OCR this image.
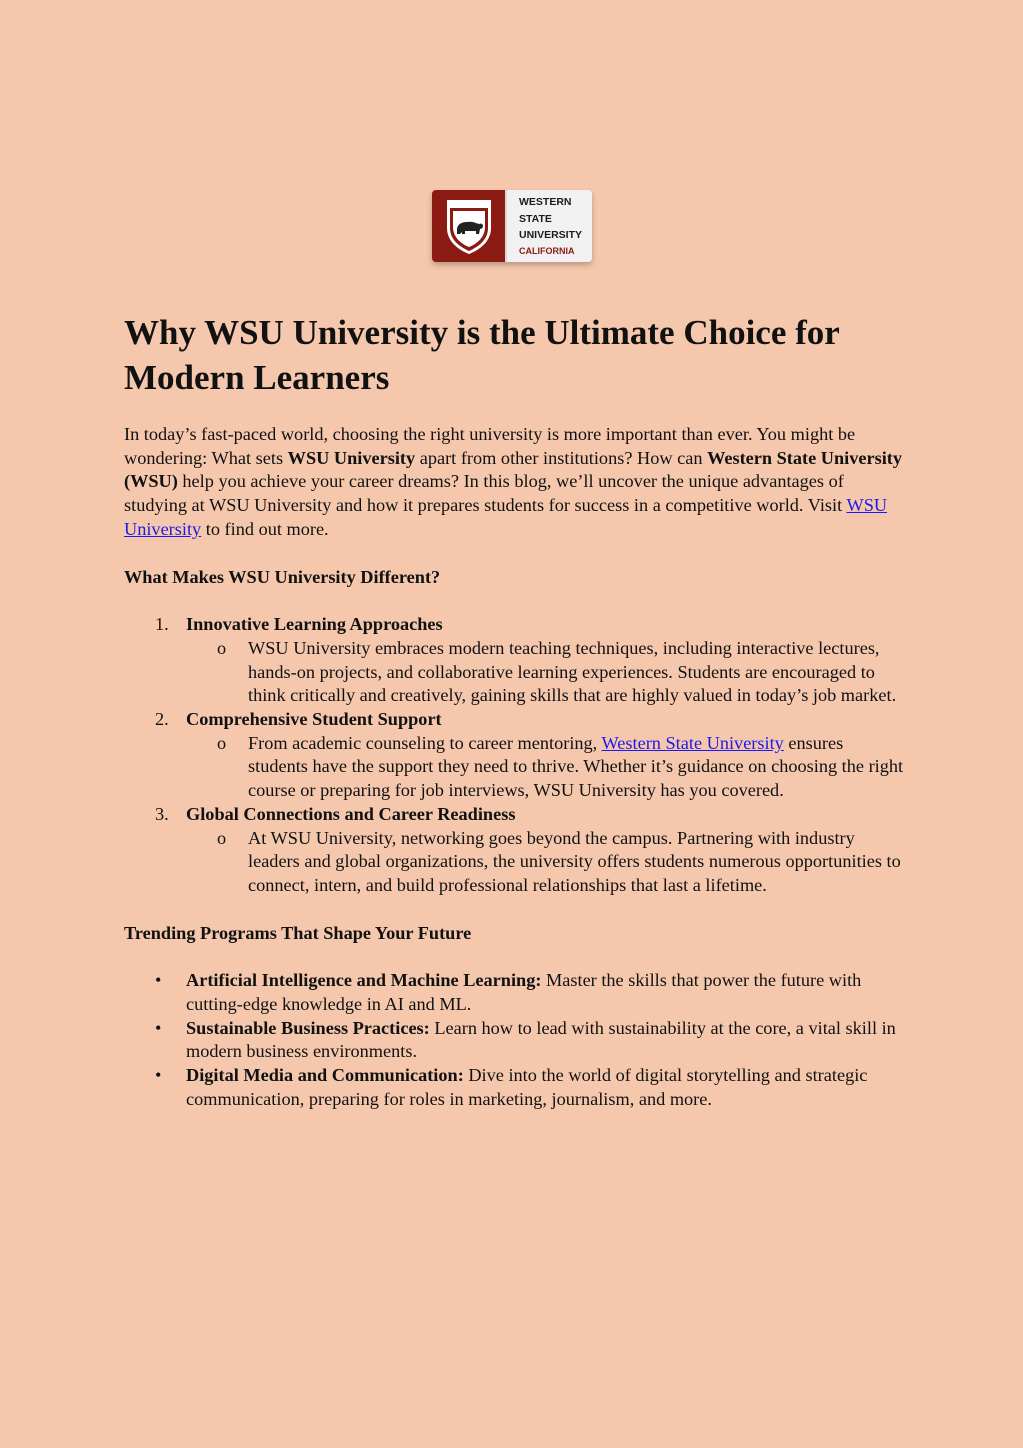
WSU	WESTERN
STATE
UNIVERSITY
CALIFORNIA
Why WSU University is the Ultimate Choice for Modern Learners

In today’s fast-paced world, choosing the right university is more important than ever. You might be wondering: What sets WSU University apart from other institutions? How can Western State University (WSU) help you achieve your career dreams? In this blog, we’ll uncover the unique advantages of studying at WSU University and how it prepares students for success in a competitive world. Visit WSU University to find out more.

What Makes WSU University Different?
1. Innovative Learning Approaches
o WSU University embraces modern teaching techniques, including interactive lectures, hands-on projects, and collaborative learning experiences. Students are encouraged to think critically and creatively, gaining skills that are highly valued in today’s job market.
2. Comprehensive Student Support
o From academic counseling to career mentoring, Western State University ensures students have the support they need to thrive. Whether it’s guidance on choosing the right course or preparing for job interviews, WSU University has you covered.
3. Global Connections and Career Readiness
o At WSU University, networking goes beyond the campus. Partnering with industry leaders and global organizations, the university offers students numerous opportunities to connect, intern, and build professional relationships that last a lifetime.
Trending Programs That Shape Your Future
• Artificial Intelligence and Machine Learning: Master the skills that power the future with cutting-edge knowledge in AI and ML.
• Sustainable Business Practices: Learn how to lead with sustainability at the core, a vital skill in modern business environments.
• Digital Media and Communication: Dive into the world of digital storytelling and strategic communication, preparing for roles in marketing, journalism, and more.
